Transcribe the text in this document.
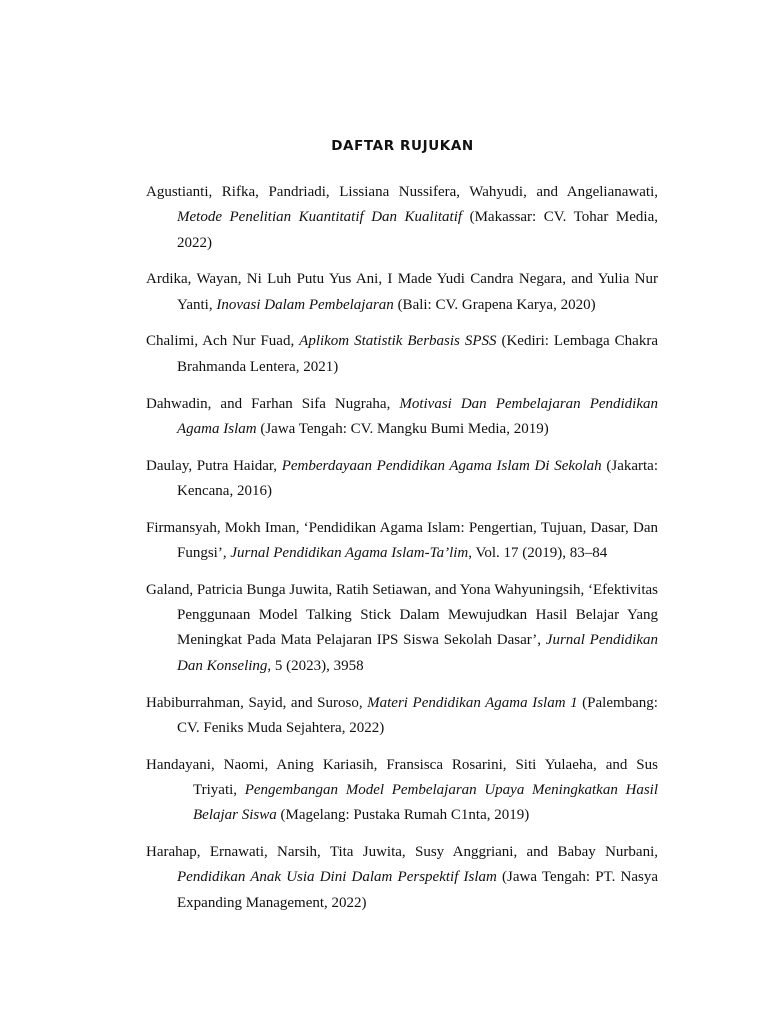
DAFTAR RUJUKAN
Agustianti, Rifka, Pandriadi, Lissiana Nussifera, Wahyudi, and Angelianawati, Metode Penelitian Kuantitatif Dan Kualitatif (Makassar: CV. Tohar Media, 2022)
Ardika, Wayan, Ni Luh Putu Yus Ani, I Made Yudi Candra Negara, and Yulia Nur Yanti, Inovasi Dalam Pembelajaran (Bali: CV. Grapena Karya, 2020)
Chalimi, Ach Nur Fuad, Aplikom Statistik Berbasis SPSS (Kediri: Lembaga Chakra Brahmanda Lentera, 2021)
Dahwadin, and Farhan Sifa Nugraha, Motivasi Dan Pembelajaran Pendidikan Agama Islam (Jawa Tengah: CV. Mangku Bumi Media, 2019)
Daulay, Putra Haidar, Pemberdayaan Pendidikan Agama Islam Di Sekolah (Jakarta: Kencana, 2016)
Firmansyah, Mokh Iman, ‘Pendidikan Agama Islam: Pengertian, Tujuan, Dasar, Dan Fungsi’, Jurnal Pendidikan Agama Islam-Ta’lim, Vol. 17 (2019), 83–84
Galand, Patricia Bunga Juwita, Ratih Setiawan, and Yona Wahyuningsih, ‘Efektivitas Penggunaan Model Talking Stick Dalam Mewujudkan Hasil Belajar Yang Meningkat Pada Mata Pelajaran IPS Siswa Sekolah Dasar’, Jurnal Pendidikan Dan Konseling, 5 (2023), 3958
Habiburrahman, Sayid, and Suroso, Materi Pendidikan Agama Islam 1 (Palembang: CV. Feniks Muda Sejahtera, 2022)
Handayani, Naomi, Aning Kariasih, Fransisca Rosarini, Siti Yulaeha, and Sus Triyati, Pengembangan Model Pembelajaran Upaya Meningkatkan Hasil Belajar Siswa (Magelang: Pustaka Rumah C1nta, 2019)
Harahap, Ernawati, Narsih, Tita Juwita, Susy Anggriani, and Babay Nurbani, Pendidikan Anak Usia Dini Dalam Perspektif Islam (Jawa Tengah: PT. Nasya Expanding Management, 2022)
